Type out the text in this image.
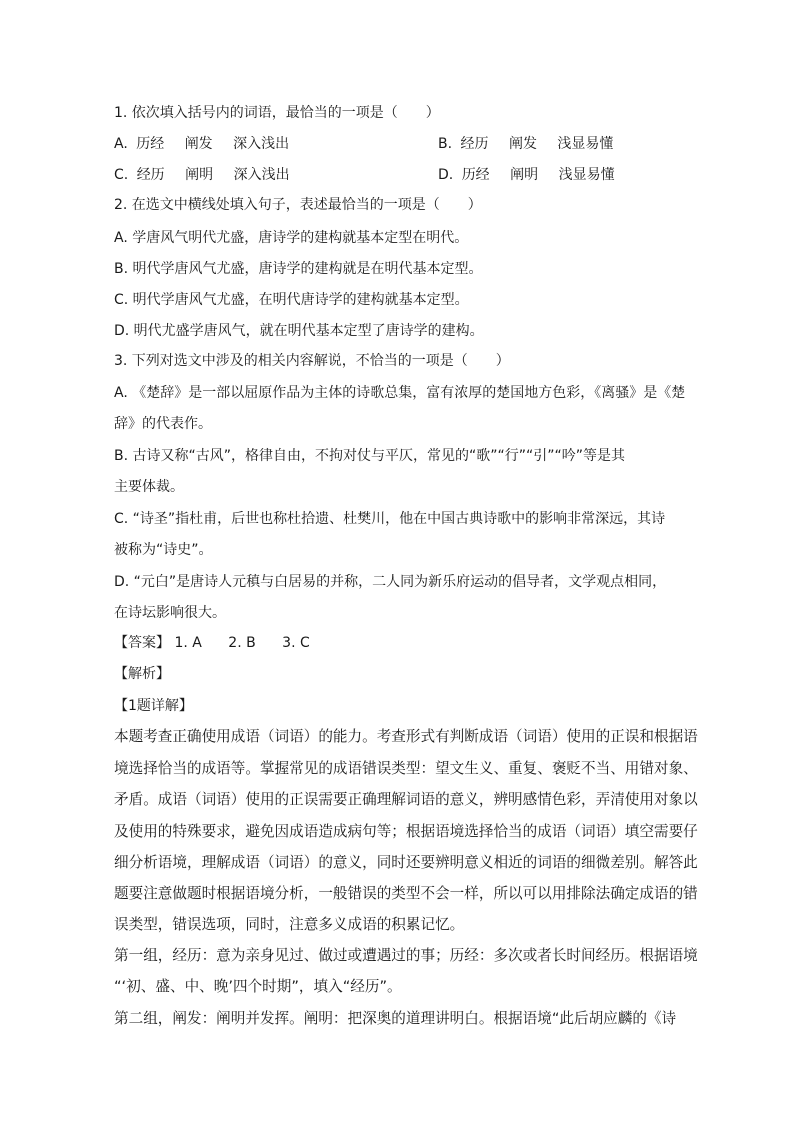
1. 依次填入括号内的词语，最恰当的一项是（　　）
A. 历经 阐发 深入浅出	B. 经历 阐发 浅显易懂
C. 经历 阐明 深入浅出	D. 历经 阐明 浅显易懂
2. 在选文中横线处填入句子，表述最恰当的一项是（　　）
A. 学唐风气明代尤盛，唐诗学的建构就基本定型在明代。
B. 明代学唐风气尤盛，唐诗学的建构就是在明代基本定型。
C. 明代学唐风气尤盛，在明代唐诗学的建构就基本定型。
D. 明代尤盛学唐风气，就在明代基本定型了唐诗学的建构。
3. 下列对选文中涉及的相关内容解说，不恰当的一项是（　　）
A. 《楚辞》是一部以屈原作品为主体的诗歌总集，富有浓厚的楚国地方色彩，《离骚》是《楚
辞》的代表作。
B. 古诗又称“古风”，格律自由，不拘对仗与平仄，常见的“歌”“行”“引”“吟”等是其
主要体裁。
C. “诗圣”指杜甫，后世也称杜拾遗、杜樊川，他在中国古典诗歌中的影响非常深远，其诗
被称为“诗史”。
D. “元白”是唐诗人元稹与白居易的并称，二人同为新乐府运动的倡导者，文学观点相同，
在诗坛影响很大。
【答案】 1. A 2. B 3. C
【解析】
【1题详解】
本题考查正确使用成语（词语）的能力。考查形式有判断成语（词语）使用的正误和根据语
境选择恰当的成语等。掌握常见的成语错误类型：望文生义、重复、褒贬不当、用错对象、
矛盾。成语（词语）使用的正误需要正确理解词语的意义，辨明感情色彩，弄清使用对象以
及使用的特殊要求，避免因成语造成病句等；根据语境选择恰当的成语（词语）填空需要仔
细分析语境，理解成语（词语）的意义，同时还要辨明意义相近的词语的细微差别。解答此
题要注意做题时根据语境分析，一般错误的类型不会一样，所以可以用排除法确定成语的错
误类型，错误选项，同时，注意多义成语的积累记忆。
第一组，经历：意为亲身见过、做过或遭遇过的事；历经：多次或者长时间经历。根据语境
“‘初、盛、中、晚’四个时期”，填入“经历”。
第二组，阐发：阐明并发挥。阐明：把深奥的道理讲明白。根据语境“此后胡应麟的《诗
